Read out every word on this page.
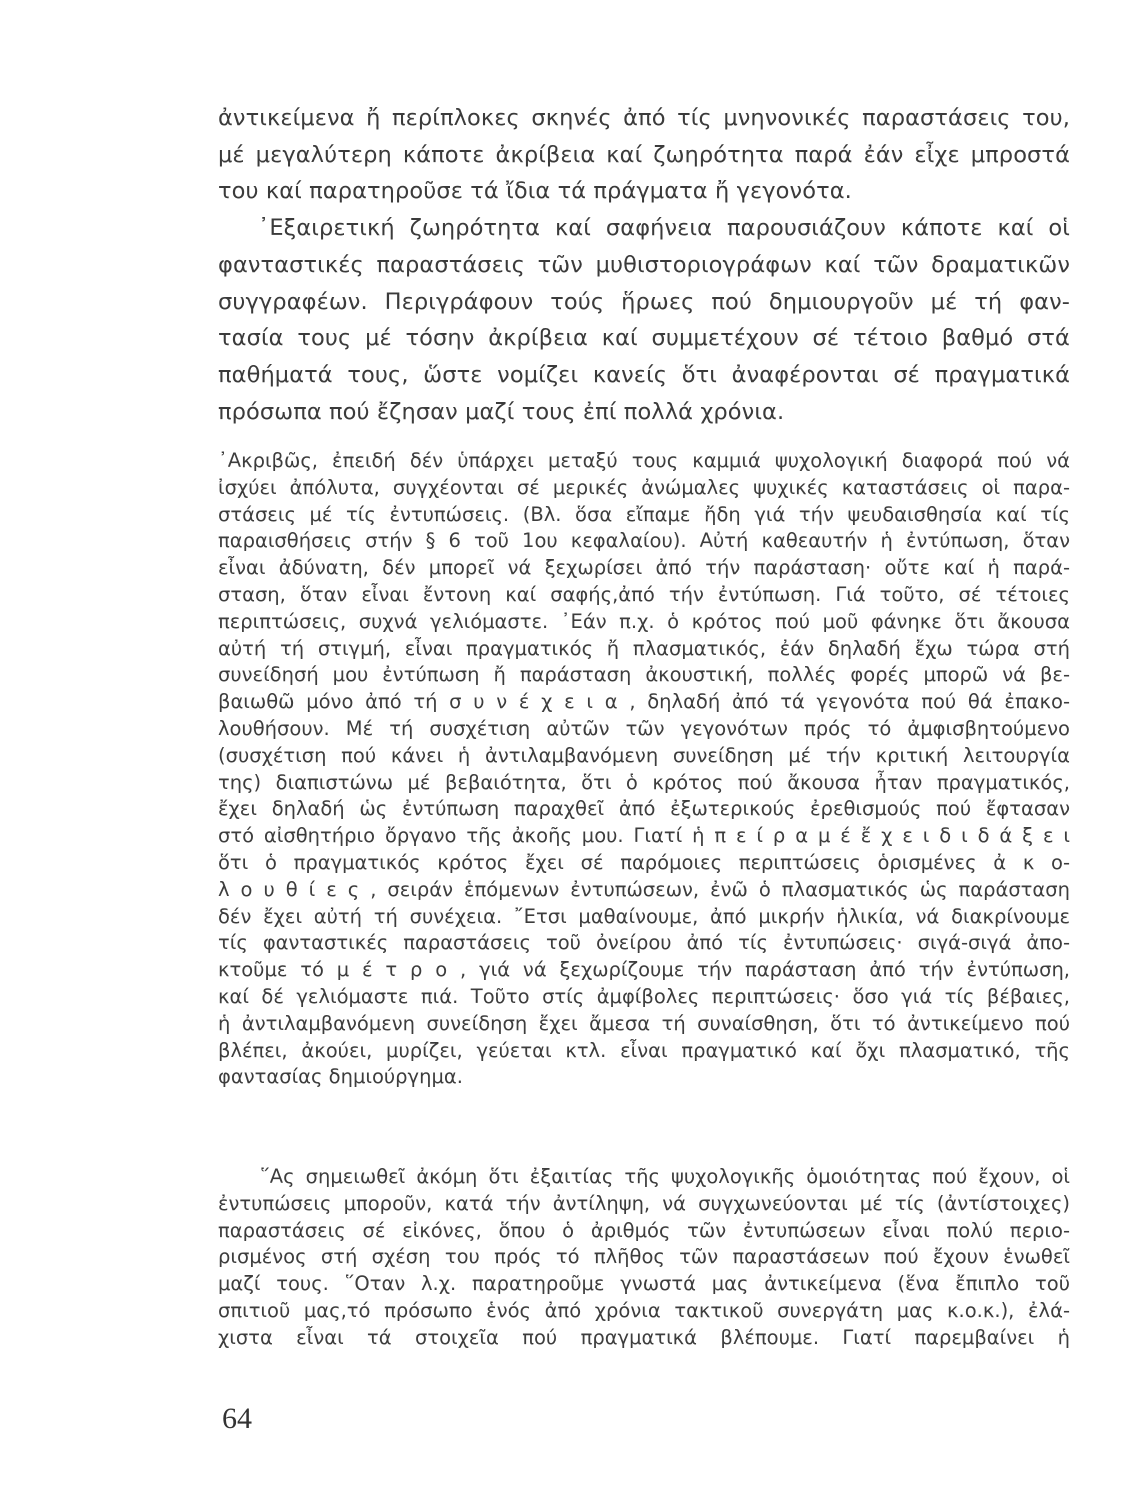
ἀντικείμενα ἤ περίπλοκες σκηνές ἀπό τίς μνηνονικές παραστάσεις του,
μέ μεγαλύτερη κάποτε ἀκρίβεια καί ζωηρότητα παρά ἐάν εἶχε μπροστά
του καί παρατηροῦσε τά ἴδια τά πράγματα ἤ γεγονότα.
᾿Εξαιρετική ζωηρότητα καί σαφήνεια παρουσιάζουν κάποτε καί οἱ
φανταστικές παραστάσεις τῶν μυθιστοριογράφων καί τῶν δραματικῶν
συγγραφέων. Περιγράφουν τούς ἥρωες πού δημιουργοῦν μέ τή φαν-
τασία τους μέ τόσην ἀκρίβεια καί συμμετέχουν σέ τέτοιο βαθμό στά
παθήματά τους, ὥστε νομίζει κανείς ὅτι ἀναφέρονται σέ πραγματικά
πρόσωπα πού ἔζησαν μαζί τους ἐπί πολλά χρόνια.
᾿Ακριβῶς, ἐπειδή δέν ὑπάρχει μεταξύ τους καμμιά ψυχολογική διαφορά πού νά
ἰσχύει ἀπόλυτα, συγχέονται σέ μερικές ἀνώμαλες ψυχικές καταστάσεις οἱ παρα-
στάσεις μέ τίς ἐντυπώσεις. (Βλ. ὅσα εἴπαμε ἤδη γιά τήν ψευδαισθησία καί τίς
παραισθήσεις στήν § 6 τοῦ 1ου κεφαλαίου). Αὐτή καθεαυτήν ἡ ἐντύπωση, ὅταν
εἶναι ἀδύνατη, δέν μπορεῖ νά ξεχωρίσει ἀπό τήν παράσταση· οὔτε καί ἡ παρά-
σταση, ὅταν εἶναι ἔντονη καί σαφής,ἀπό τήν ἐντύπωση. Γιά τοῦτο, σέ τέτοιες
περιπτώσεις, συχνά γελιόμαστε. ᾿Εάν π.χ. ὁ κρότος πού μοῦ φάνηκε ὅτι ἄκουσα
αὐτή τή στιγμή, εἶναι πραγματικός ἤ πλασματικός, ἐάν δηλαδή ἔχω τώρα στή
συνείδησή μου ἐντύπωση ἤ παράσταση ἀκουστική, πολλές φορές μπορῶ νά βε-
βαιωθῶ μόνο ἀπό τή σ υ ν έ χ ε ι α , δηλαδή ἀπό τά γεγονότα πού θά ἐπακο-
λουθήσουν. Μέ τή συσχέτιση αὐτῶν τῶν γεγονότων πρός τό ἀμφισβητούμενο
(συσχέτιση πού κάνει ἡ ἀντιλαμβανόμενη συνείδηση μέ τήν κριτική λειτουργία
της) διαπιστώνω μέ βεβαιότητα, ὅτι ὁ κρότος πού ἄκουσα ἦταν πραγματικός,
ἔχει δηλαδή ὡς ἐντύπωση παραχθεῖ ἀπό ἐξωτερικούς ἐρεθισμούς πού ἔφτασαν
στό αἰσθητήριο ὄργανο τῆς ἀκοῆς μου. Γιατί ἡ π ε ί ρ α μ έ ἔ χ ε ι δ ι δ ά ξ ε ι
ὅτι ὁ πραγματικός κρότος ἔχει σέ παρόμοιες περιπτώσεις ὁρισμένες ἀ κ ο-
λ ο υ θ ί ε ς , σειράν ἑπόμενων ἐντυπώσεων, ἐνῶ ὁ πλασματικός ὡς παράσταση
δέν ἔχει αὐτή τή συνέχεια. ῎Ετσι μαθαίνουμε, ἀπό μικρήν ἡλικία, νά διακρίνουμε
τίς φανταστικές παραστάσεις τοῦ ὀνείρου ἀπό τίς ἐντυπώσεις· σιγά-σιγά ἀπο-
κτοῦμε τό μ έ τ ρ ο , γιά νά ξεχωρίζουμε τήν παράσταση ἀπό τήν ἐντύπωση,
καί δέ γελιόμαστε πιά. Τοῦτο στίς ἀμφίβολες περιπτώσεις· ὅσο γιά τίς βέβαιες,
ἡ ἀντιλαμβανόμενη συνείδηση ἔχει ἄμεσα τή συναίσθηση, ὅτι τό ἀντικείμενο πού
βλέπει, ἀκούει, μυρίζει, γεύεται κτλ. εἶναι πραγματικό καί ὄχι πλασματικό, τῆς
φαντασίας δημιούργημα.
῞Ας σημειωθεῖ ἀκόμη ὅτι ἐξαιτίας τῆς ψυχολογικῆς ὁμοιότητας πού ἔχουν, οἱ
ἐντυπώσεις μποροῦν, κατά τήν ἀντίληψη, νά συγχωνεύονται μέ τίς (ἀντίστοιχες)
παραστάσεις σέ εἰκόνες, ὅπου ὁ ἀριθμός τῶν ἐντυπώσεων εἶναι πολύ περιο-
ρισμένος στή σχέση του πρός τό πλῆθος τῶν παραστάσεων πού ἔχουν ἑνωθεῖ
μαζί τους. ῞Οταν λ.χ. παρατηροῦμε γνωστά μας ἀντικείμενα (ἕνα ἔπιπλο τοῦ
σπιτιοῦ μας,τό πρόσωπο ἑνός ἀπό χρόνια τακτικοῦ συνεργάτη μας κ.ο.κ.), ἐλά-
χιστα εἶναι τά στοιχεῖα πού πραγματικά βλέπουμε. Γιατί παρεμβαίνει ἡ
64
